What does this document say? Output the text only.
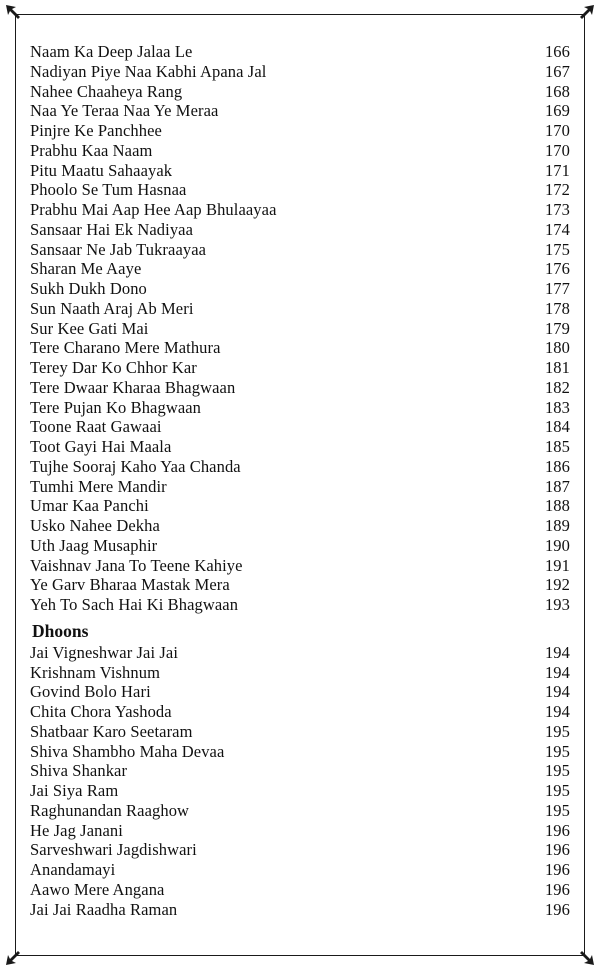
Naam Ka Deep Jalaa Le	166
Nadiyan Piye Naa Kabhi Apana Jal	167
Nahee Chaaheya Rang	168
Naa Ye Teraa Naa Ye Meraa	169
Pinjre Ke Panchhee	170
Prabhu Kaa Naam	170
Pitu Maatu Sahaayak	171
Phoolo Se Tum Hasnaa	172
Prabhu Mai Aap Hee Aap Bhulaayaa	173
Sansaar Hai Ek Nadiyaa	174
Sansaar Ne Jab Tukraayaa	175
Sharan Me Aaye	176
Sukh Dukh Dono	177
Sun Naath Araj Ab Meri	178
Sur Kee Gati Mai	179
Tere Charano Mere Mathura	180
Terey Dar Ko Chhor Kar	181
Tere Dwaar Kharaa Bhagwaan	182
Tere Pujan Ko Bhagwaan	183
Toone Raat Gawaai	184
Toot Gayi Hai Maala	185
Tujhe Sooraj Kaho Yaa Chanda	186
Tumhi Mere Mandir	187
Umar Kaa Panchi	188
Usko Nahee Dekha	189
Uth Jaag Musaphir	190
Vaishnav Jana To Teene Kahiye	191
Ye Garv Bharaa Mastak Mera	192
Yeh To Sach Hai Ki Bhagwaan	193
Dhoons
Jai Vigneshwar Jai Jai	194
Krishnam Vishnum	194
Govind Bolo Hari	194
Chita Chora Yashoda	194
Shatbaar Karo Seetaram	195
Shiva Shambho Maha Devaa	195
Shiva Shankar	195
Jai Siya Ram	195
Raghunandan Raaghow	195
He Jag Janani	196
Sarveshwari Jagdishwari	196
Anandamayi	196
Aawo Mere Angana	196
Jai Jai Raadha Raman	196
